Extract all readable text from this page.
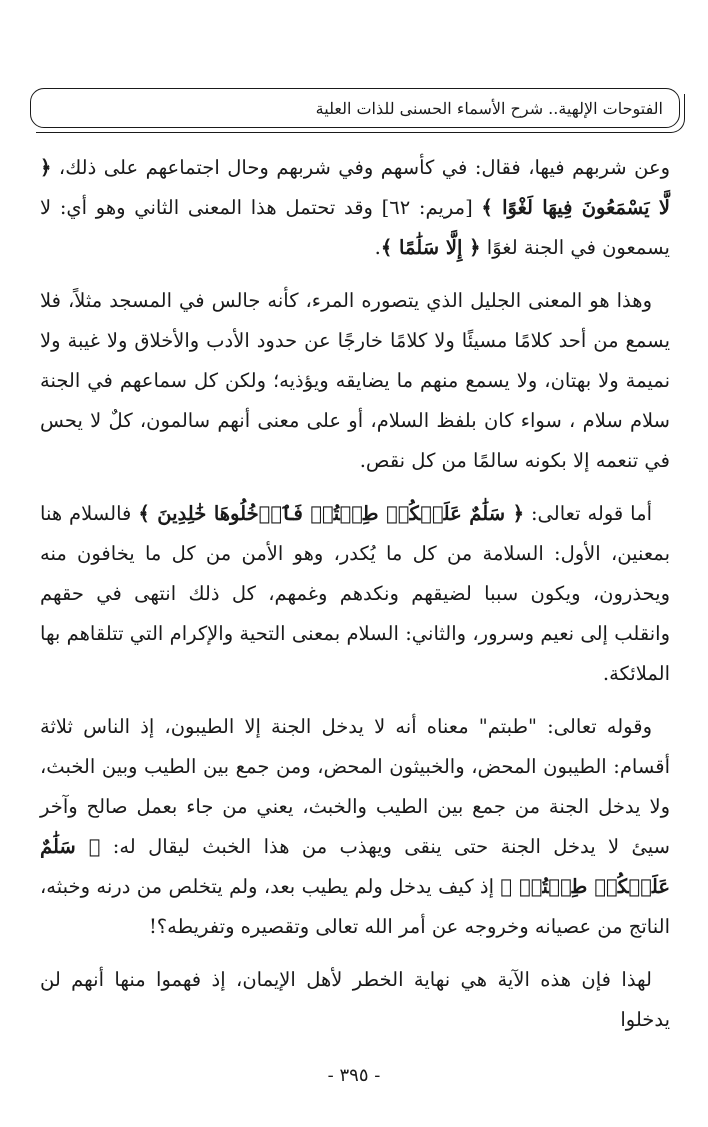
الفتوحات الإلهية.. شرح الأسماء الحسنى للذات العلية

وعن شربهم فيها، فقال: في كأسهم وفي شربهم وحال اجتماعهم على ذلك، ﴿ لَّا يَسْمَعُونَ فِيهَا لَغْوًا ﴾ [مريم: ٦٢] وقد تحتمل هذا المعنى الثاني وهو أي: لا يسمعون في الجنة لغوًا ﴿ إِلَّا سَلَٰمًا ﴾.

وهذا هو المعنى الجليل الذي يتصوره المرء، كأنه جالس في المسجد مثلاً، فلا يسمع من أحد كلامًا مسيئًا ولا كلامًا خارجًا عن حدود الأدب والأخلاق ولا غيبة ولا نميمة ولا بهتان، ولا يسمع منهم ما يضايقه ويؤذيه؛ ولكن كل سماعهم في الجنة سلام سلام ، سواء كان بلفظ السلام، أو على معنى أنهم سالمون، كلٌ لا يحس في تنعمه إلا بكونه سالمًا من كل نقص.

أما قوله تعالى: ﴿ سَلَٰمٌ عَلَيۡكُمۡ طِبۡتُمۡ فَٱدۡخُلُوهَا خَٰلِدِينَ ﴾ فالسلام هنا بمعنين، الأول: السلامة من كل ما يُكدر، وهو الأمن من كل ما يخافون منه ويحذرون، ويكون سببا لضيقهم ونكدهم وغمهم، كل ذلك انتهى في حقهم وانقلب إلى نعيم وسرور، والثاني: السلام بمعنى التحية والإكرام التي تتلقاهم بها الملائكة.

وقوله تعالى: "طبتم" معناه أنه لا يدخل الجنة إلا الطيبون، إذ الناس ثلاثة أقسام: الطيبون المحض، والخبيثون المحض، ومن جمع بين الطيب وبين الخبث، ولا يدخل الجنة من جمع بين الطيب والخبث، يعني من جاء بعمل صالح وآخر سيئ لا يدخل الجنة حتى ينقى ويهذب من هذا الخبث ليقال له: ﴿ سَلَٰمٌ عَلَيۡكُمۡ طِبۡتُمۡ ﴾ إذ كيف يدخل ولم يطيب بعد، ولم يتخلص من درنه وخبثه، الناتج من عصيانه وخروجه عن أمر الله تعالى وتقصيره وتفريطه؟!

لهذا فإن هذه الآية هي نهاية الخطر لأهل الإيمان، إذ فهموا منها أنهم لن يدخلوا

- ٣٩٥ -
